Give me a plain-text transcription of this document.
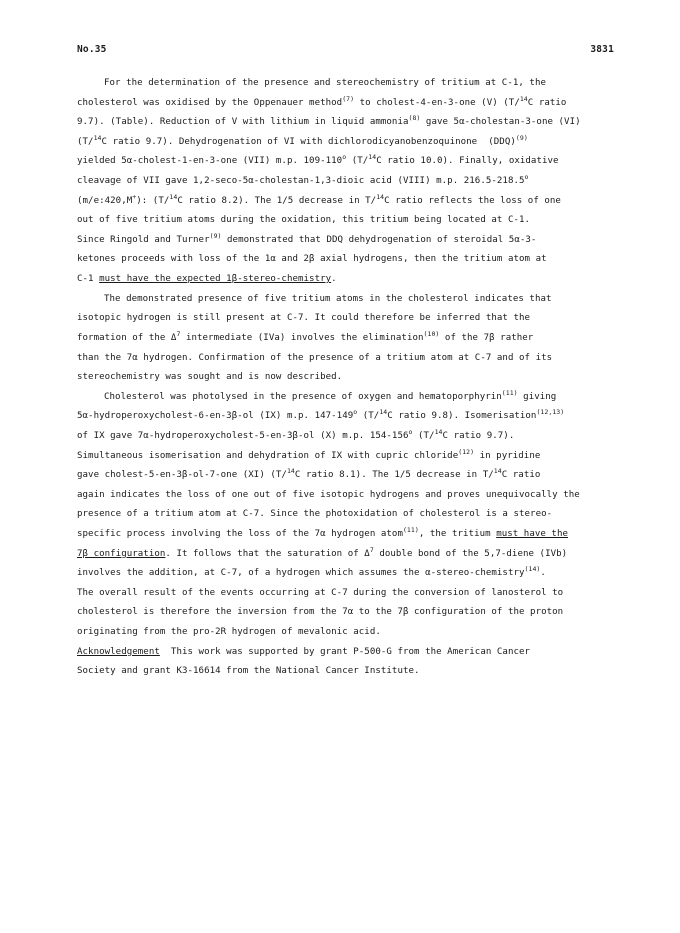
No.35	3831
For the determination of the presence and stereochemistry of tritium at C-1, the
cholesterol was oxidised by the Oppenauer method$^{(7)}$ to cholest-4-en-3-one (V) (T/$^{14}$C ratio
9.7). (Table). Reduction of V with lithium in liquid ammonia$^{(8)}$ gave 5α-cholestan-3-one (VI)
(T/$^{14}$C ratio 9.7). Dehydrogenation of VI with dichlorodicyanobenzoquinone  (DDQ)$^{(9)}$
yielded 5α-cholest-1-en-3-one (VII) m.p. 109-110$^o$ (T/$^{14}$C ratio 10.0). Finally, oxidative
cleavage of VII gave 1,2-seco-5α-cholestan-1,3-dioic acid (VIII) m.p. 216.5-218.5$^o$
(m/e:420,M+): (T/$^{14}$C ratio 8.2). The 1/5 decrease in T/$^{14}$C ratio reflects the loss of one
out of five tritium atoms during the oxidation, this tritium being located at C-1.
Since Ringold and Turner$^{(9)}$ demonstrated that DDQ dehydrogenation of steroidal 5α-3-
ketones proceeds with loss of the 1α and 2β axial hydrogens, then the tritium atom at
C-1 must have the expected 1β-stereo-chemistry.
The demonstrated presence of five tritium atoms in the cholesterol indicates that
isotopic hydrogen is still present at C-7. It could therefore be inferred that the
formation of the $\Delta^7$ intermediate (IVa) involves the elimination$^{(10)}$ of the 7β rather
than the 7α hydrogen. Confirmation of the presence of a tritium atom at C-7 and of its
stereochemistry was sought and is now described.
Cholesterol was photolysed in the presence of oxygen and hematoporphyrin$^{(11)}$ giving
5α-hydroperoxycholest-6-en-3β-ol (IX) m.p. 147-149$^o$ (T/$^{14}$C ratio 9.8). Isomerisation$^{(12,13)}$
of IX gave 7α-hydroperoxycholest-5-en-3β-ol (X) m.p. 154-156$^o$ (T/$^{14}$C ratio 9.7).
Simultaneous isomerisation and dehydration of IX with cupric chloride$^{(12)}$ in pyridine
gave cholest-5-en-3β-ol-7-one (XI) (T/$^{14}$C ratio 8.1). The 1/5 decrease in T/$^{14}$C ratio
again indicates the loss of one out of five isotopic hydrogens and proves unequivocally the
presence of a tritium atom at C-7. Since the photoxidation of cholesterol is a stereo-
specific process involving the loss of the 7α hydrogen atom$^{(11)}$, the tritium must have the
7β configuration. It follows that the saturation of $\Delta^7$ double bond of the 5,7-diene (IVb)
involves the addition, at C-7, of a hydrogen which assumes the α-stereo-chemistry$^{(14)}$.
The overall result of the events occurring at C-7 during the conversion of lanosterol to
cholesterol is therefore the inversion from the 7α to the 7β configuration of the proton
originating from the pro-2R hydrogen of mevalonic acid.
Acknowledgement  This work was supported by grant P-500-G from the American Cancer
Society and grant K3-16614 from the National Cancer Institute.
